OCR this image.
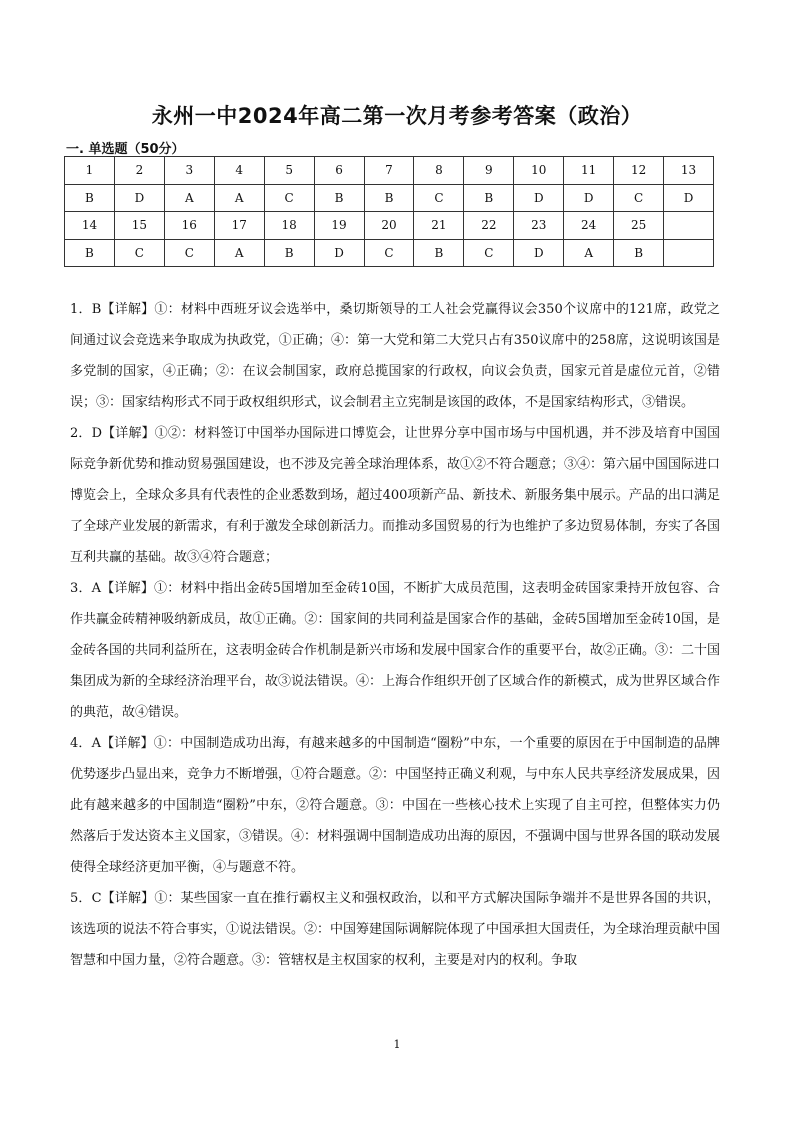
永州一中2024年高二第一次月考参考答案（政治）
一. 单选题（50分）
1	2	3	4	5	6	7	8	9	10	11	12	13
B	D	A	A	C	B	B	C	B	D	D	C	D
14	15	16	17	18	19	20	21	22	23	24	25	
B	C	C	A	B	D	C	B	C	D	A	B	

1．B【详解】①：材料中西班牙议会选举中，桑切斯领导的工人社会党赢得议会350个议席中的121席，政党之间通过议会竞选来争取成为执政党，①正确；④：第一大党和第二大党只占有350议席中的258席，这说明该国是多党制的国家，④正确；②：在议会制国家，政府总揽国家的行政权，向议会负责，国家元首是虚位元首，②错误；③：国家结构形式不同于政权组织形式，议会制君主立宪制是该国的政体，不是国家结构形式，③错误。

2．D【详解】①②：材料签订中国举办国际进口博览会，让世界分享中国市场与中国机遇，并不涉及培育中国国际竞争新优势和推动贸易强国建设，也不涉及完善全球治理体系，故①②不符合题意；③④：第六届中国国际进口博览会上，全球众多具有代表性的企业悉数到场，超过400项新产品、新技术、新服务集中展示。产品的出口满足了全球产业发展的新需求，有利于激发全球创新活力。而推动多国贸易的行为也维护了多边贸易体制，夯实了各国互利共赢的基础。故③④符合题意；

3．A【详解】①：材料中指出金砖5国增加至金砖10国，不断扩大成员范围，这表明金砖国家秉持开放包容、合作共赢金砖精神吸纳新成员，故①正确。②：国家间的共同利益是国家合作的基础，金砖5国增加至金砖10国，是金砖各国的共同利益所在，这表明金砖合作机制是新兴市场和发展中国家合作的重要平台，故②正确。③：二十国集团成为新的全球经济治理平台，故③说法错误。④：上海合作组织开创了区域合作的新模式，成为世界区域合作的典范，故④错误。

4．A【详解】①：中国制造成功出海，有越来越多的中国制造“圈粉”中东，一个重要的原因在于中国制造的品牌优势逐步凸显出来，竞争力不断增强，①符合题意。②：中国坚持正确义利观，与中东人民共享经济发展成果，因此有越来越多的中国制造“圈粉”中东，②符合题意。③：中国在一些核心技术上实现了自主可控，但整体实力仍然落后于发达资本主义国家，③错误。④：材料强调中国制造成功出海的原因，不强调中国与世界各国的联动发展使得全球经济更加平衡，④与题意不符。

5．C【详解】①：某些国家一直在推行霸权主义和强权政治，以和平方式解决国际争端并不是世界各国的共识，该选项的说法不符合事实，①说法错误。②：中国筹建国际调解院体现了中国承担大国责任，为全球治理贡献中国智慧和中国力量，②符合题意。③：管辖权是主权国家的权利，主要是对内的权利。争取

1
